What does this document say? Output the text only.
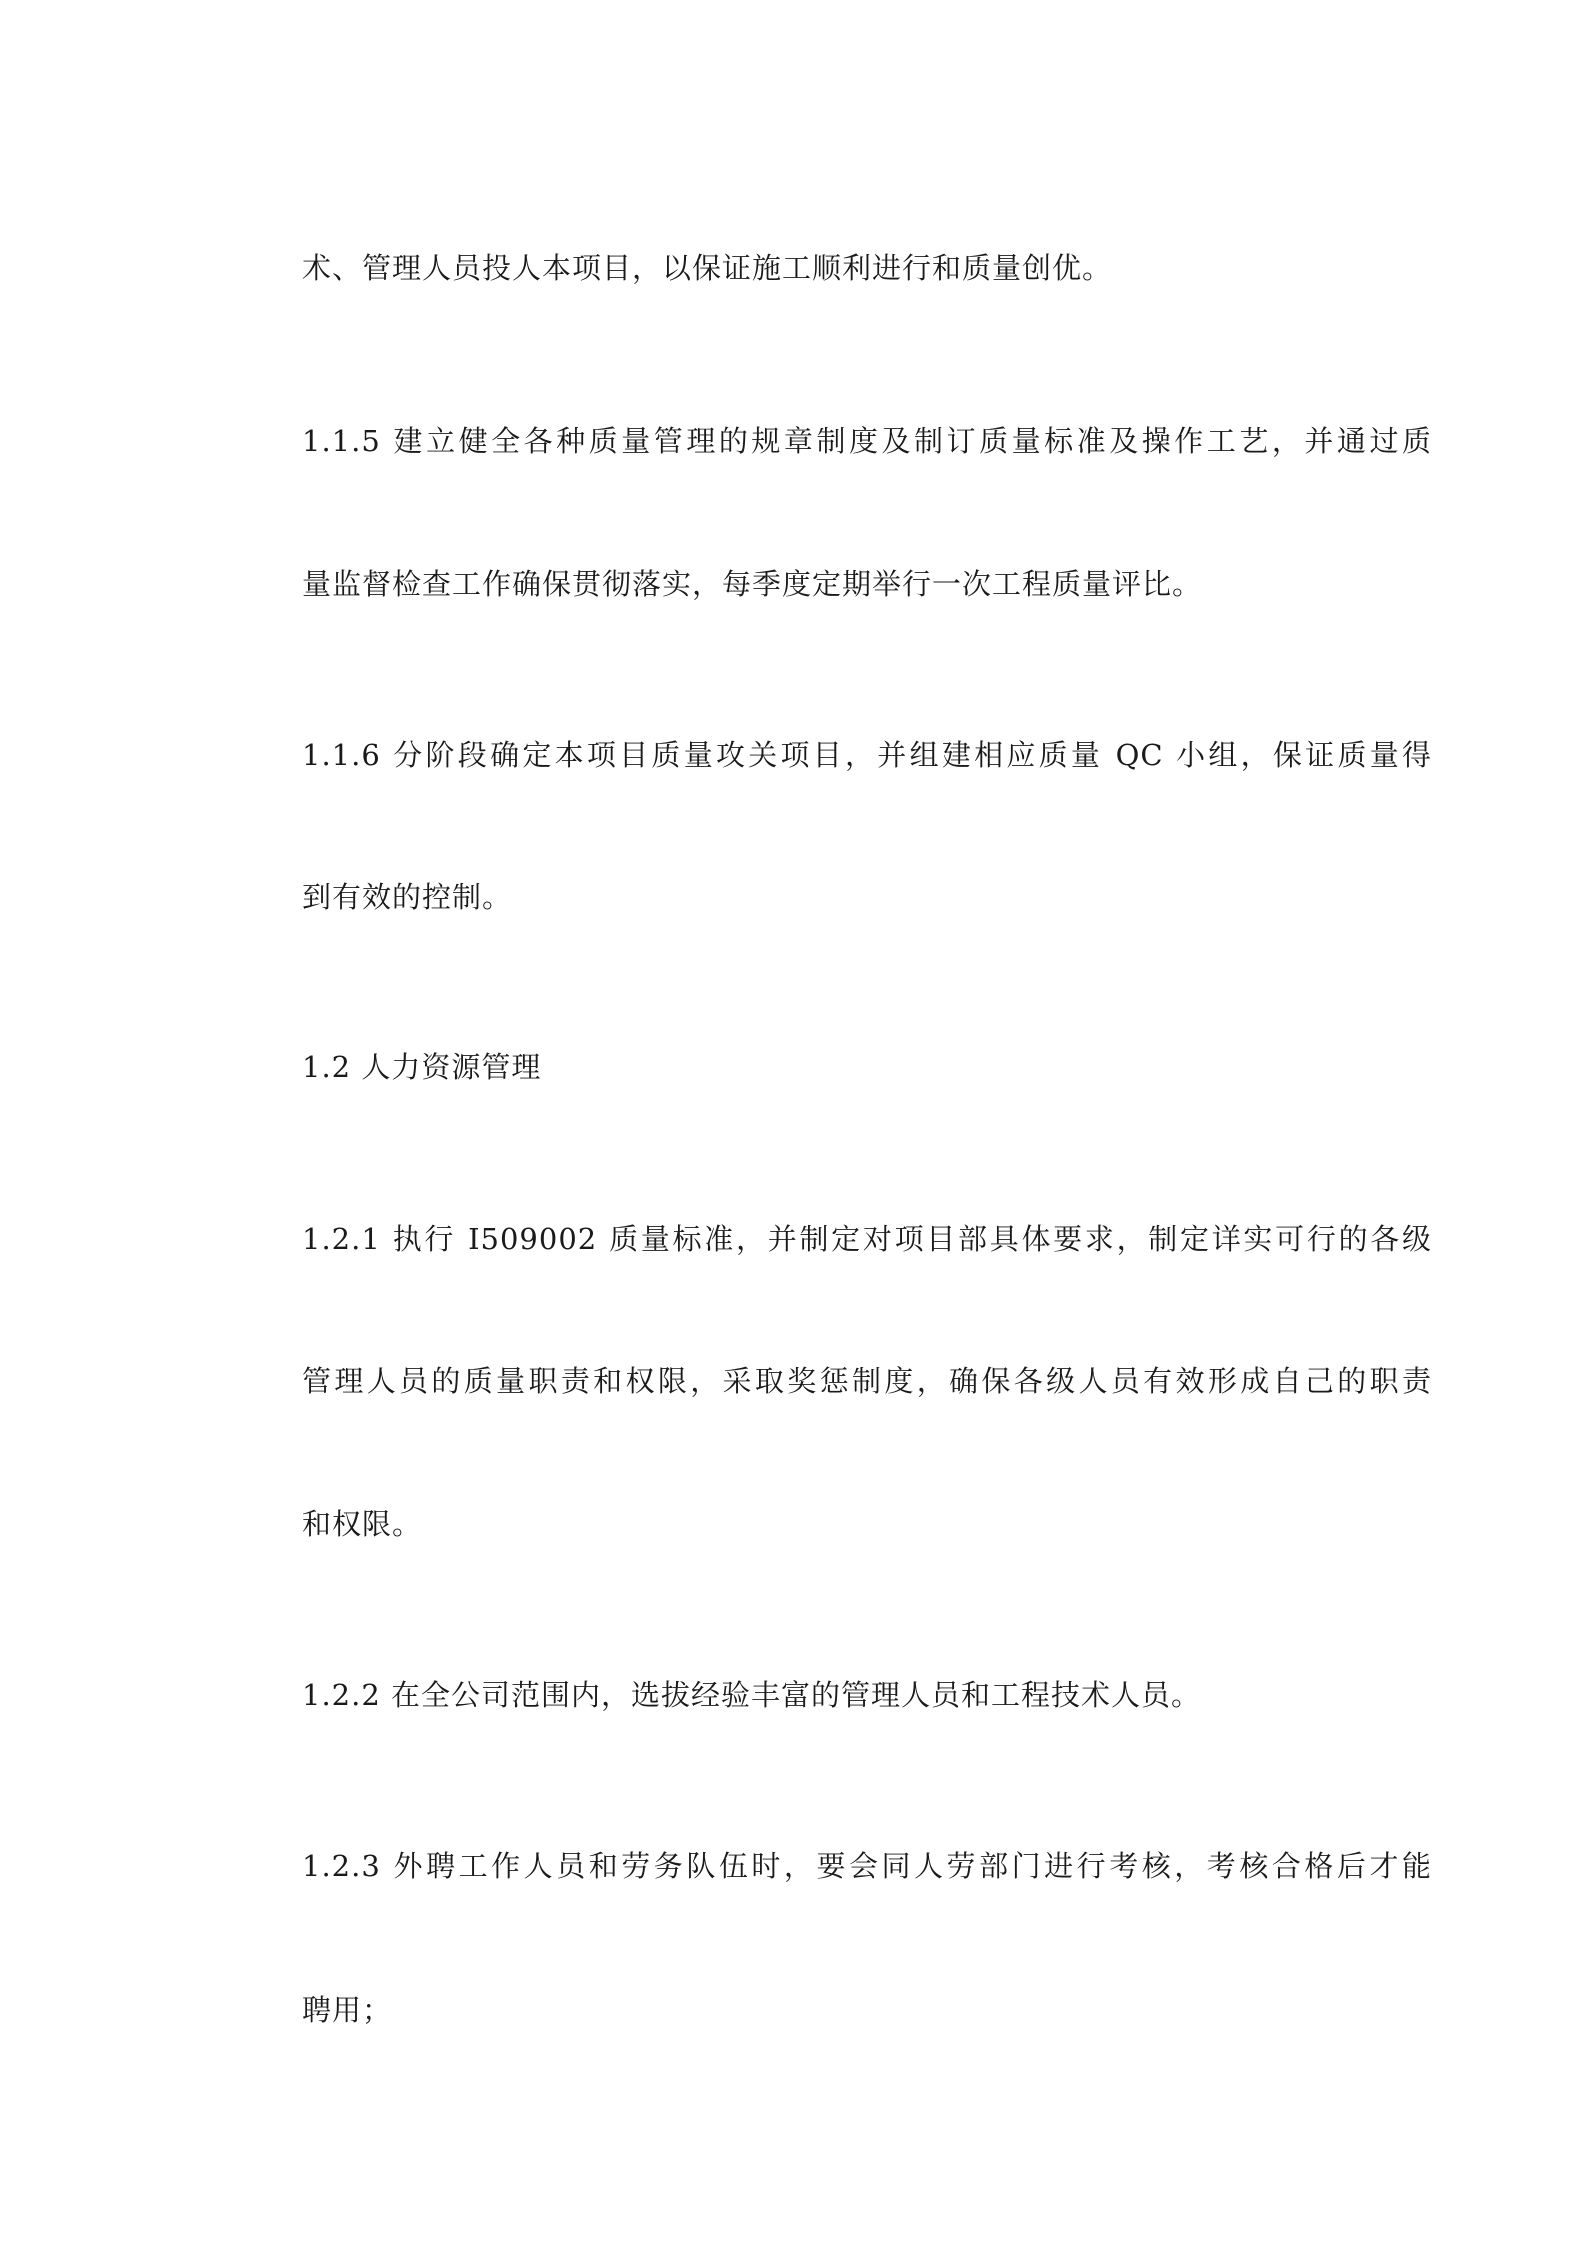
术、管理人员投人本项目，以保证施工顺利进行和质量创优。
1.1.5 建立健全各种质量管理的规章制度及制订质量标准及操作工艺，并通过质
量监督检查工作确保贯彻落实，每季度定期举行一次工程质量评比。
1.1.6 分阶段确定本项目质量攻关项目，并组建相应质量 QC 小组，保证质量得
到有效的控制。
1.2 人力资源管理
1.2.1 执行 I509002 质量标准，并制定对项目部具体要求，制定详实可行的各级
管理人员的质量职责和权限，采取奖惩制度，确保各级人员有效形成自己的职责
和权限。
1.2.2 在全公司范围内，选拔经验丰富的管理人员和工程技术人员。
1.2.3 外聘工作人员和劳务队伍时，要会同人劳部门进行考核，考核合格后才能
聘用；
